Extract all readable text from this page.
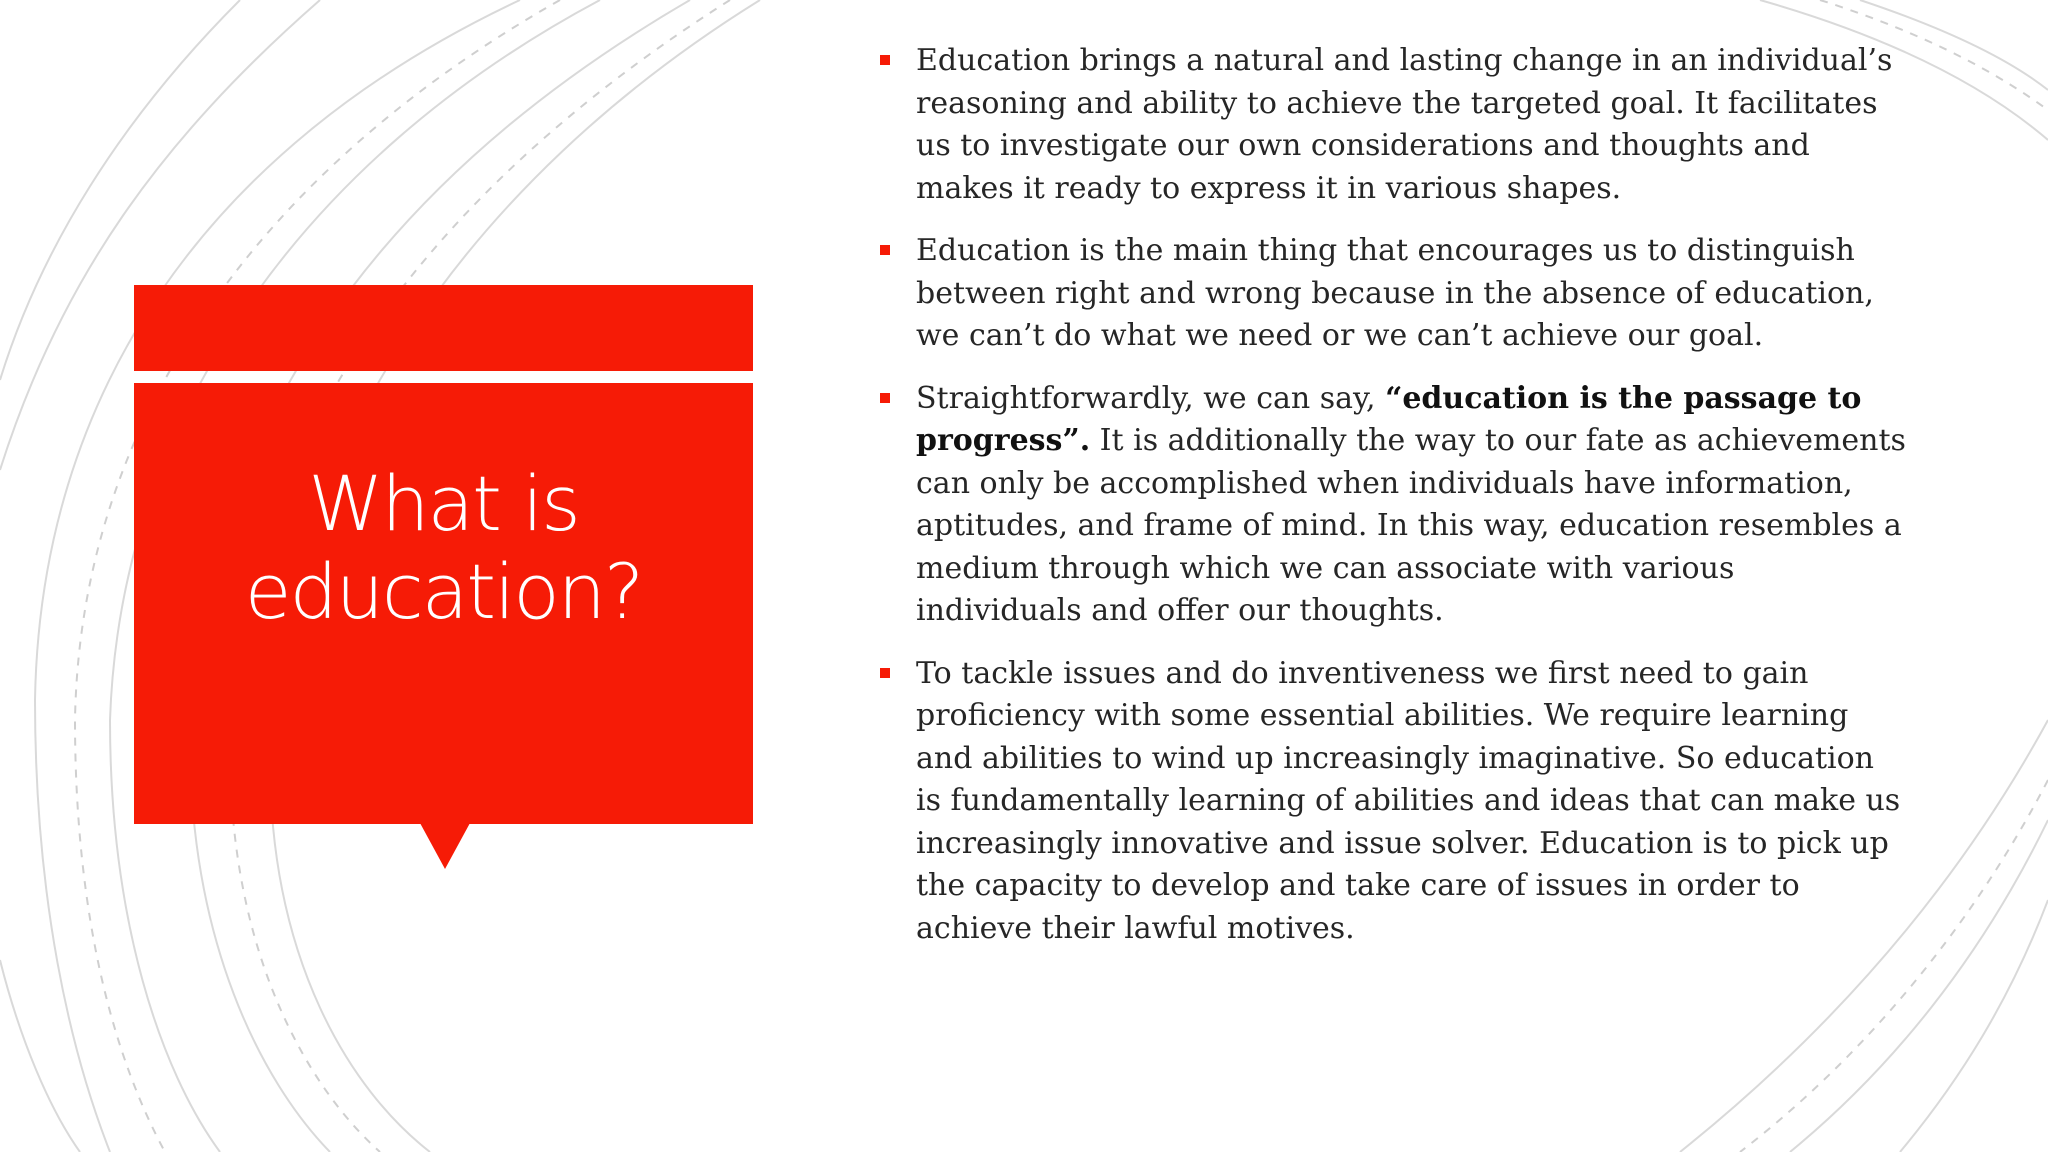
What is
education?
Education brings a natural and lasting change in an individual’s reasoning and ability to achieve the targeted goal. It facilitates us to investigate our own considerations and thoughts and makes it ready to express it in various shapes.
Education is the main thing that encourages us to distinguish between right and wrong because in the absence of education, we can’t do what we need or we can’t achieve our goal.
Straightforwardly, we can say, “education is the passage to progress”. It is additionally the way to our fate as achievements can only be accomplished when individuals have information, aptitudes, and frame of mind. In this way, education resembles a medium through which we can associate with various individuals and offer our thoughts.
To tackle issues and do inventiveness we first need to gain proficiency with some essential abilities. We require learning and abilities to wind up increasingly imaginative. So education is fundamentally learning of abilities and ideas that can make us increasingly innovative and issue solver. Education is to pick up the capacity to develop and take care of issues in order to achieve their lawful motives.
